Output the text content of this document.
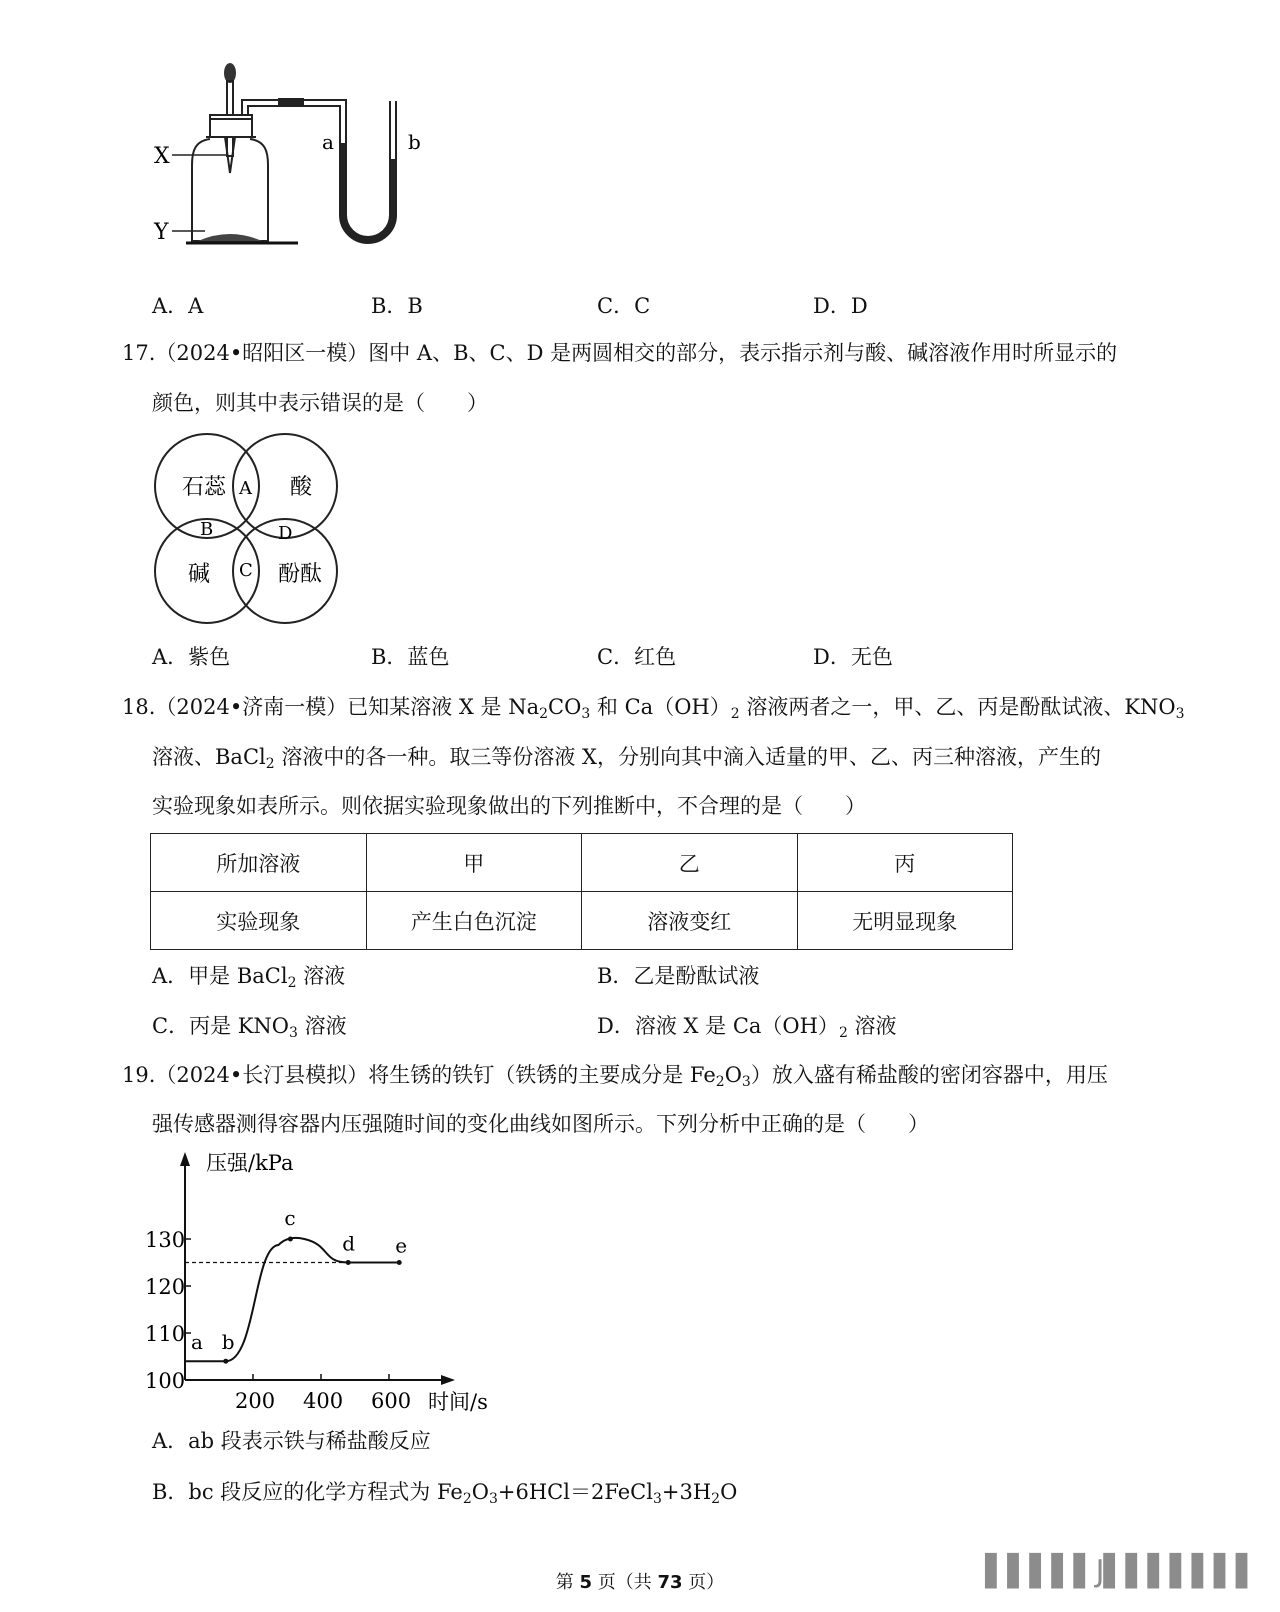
X
Y
a	b
A．A	B．B	C．C	D．D
17.（2024•昭阳区一模）图中 A、B、C、D 是两圆相交的部分，表示指示剂与酸、碱溶液作用时所显示的
颜色，则其中表示错误的是（　　）
石蕊	酸
碱	酚酞
A
B
C
D
A．紫色	B．蓝色	C．红色	D．无色
18.（2024•济南一模）已知某溶液 X 是 $Na_2CO_3$ 和 $Ca(OH)_2$ 溶液两者之一，甲、乙、丙是酚酞试液、$KNO_3$
溶液、BaCl$_2$ 溶液中的各一种。取三等份溶液 X，分别向其中滴入适量的甲、乙、丙三种溶液，产生的
实验现象如表所示。则依据实验现象做出的下列推断中，不合理的是（　　）
所加溶液	甲	乙	丙
实验现象	产生白色沉淀	溶液变红	无明显现象
A．甲是 BaCl$_2$ 溶液	B．乙是酚酞试液
C．丙是 $KNO_3$ 溶液	D．溶液 X 是 $Ca(OH)_2$ 溶液
19.（2024•长汀县模拟）将生锈的铁钉（铁锈的主要成分是 $Fe_2O_3$）放入盛有稀盐酸的密闭容器中，用压
强传感器测得容器内压强随时间的变化曲线如图所示。下列分析中正确的是（　　）
100
110
120
130
200 400 600
a b
c
d e
压强/kPa
时间/s
A．ab 段表示铁与稀盐酸反应
B．bc 段反应的化学方程式为 $Fe_2O_3+6HCl=2FeCl_3+3H_2O$
第 5 页（共 73 页）	▌▌▌▌▌J▌▌▌▌▌▌▌
